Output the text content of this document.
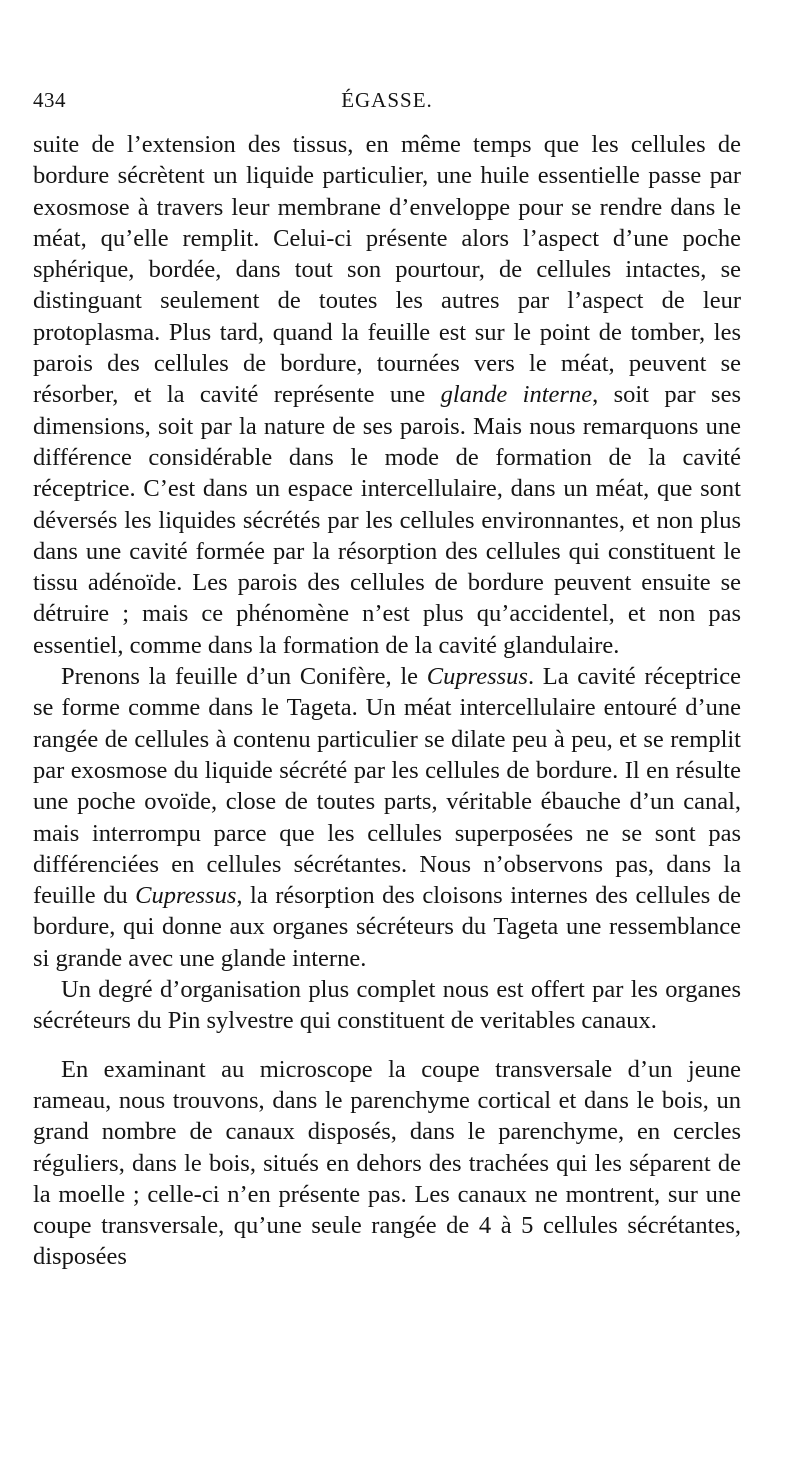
434	ÉGASSE.

suite de l’extension des tissus, en même temps que les cellules de bordure sécrètent un liquide particulier, une huile essentielle passe par exosmose à travers leur membrane d’enveloppe pour se rendre dans le méat, qu’elle remplit. Celui-ci présente alors l’aspect d’une poche sphérique, bordée, dans tout son pourtour, de cellules intactes, se distinguant seulement de toutes les autres par l’aspect de leur protoplasma. Plus tard, quand la feuille est sur le point de tomber, les parois des cellules de bordure, tournées vers le méat, peuvent se résorber, et la cavité représente une glande interne, soit par ses dimensions, soit par la nature de ses parois. Mais nous remarquons une différence considérable dans le mode de formation de la cavité réceptrice. C’est dans un espace intercellulaire, dans un méat, que sont déversés les liquides sécrétés par les cellules environnantes, et non plus dans une cavité formée par la résorption des cellules qui constituent le tissu adénoïde. Les parois des cellules de bordure peuvent ensuite se détruire ; mais ce phénomène n’est plus qu’accidentel, et non pas essentiel, comme dans la formation de la cavité glandulaire.

Prenons la feuille d’un Conifère, le Cupressus. La cavité réceptrice se forme comme dans le Tageta. Un méat intercellulaire entouré d’une rangée de cellules à contenu particulier se dilate peu à peu, et se remplit par exosmose du liquide sécrété par les cellules de bordure. Il en résulte une poche ovoïde, close de toutes parts, véritable ébauche d’un canal, mais interrompu parce que les cellules superposées ne se sont pas différenciées en cellules sécrétantes. Nous n’observons pas, dans la feuille du Cupressus, la résorption des cloisons internes des cellules de bordure, qui donne aux organes sécréteurs du Tageta une ressemblance si grande avec une glande interne.

Un degré d’organisation plus complet nous est offert par les organes sécréteurs du Pin sylvestre qui constituent de veritables canaux.

En examinant au microscope la coupe transversale d’un jeune rameau, nous trouvons, dans le parenchyme cortical et dans le bois, un grand nombre de canaux disposés, dans le parenchyme, en cercles réguliers, dans le bois, situés en dehors des trachées qui les séparent de la moelle ; celle-ci n’en présente pas. Les canaux ne montrent, sur une coupe transversale, qu’une seule rangée de 4 à 5 cellules sécrétantes, disposées
